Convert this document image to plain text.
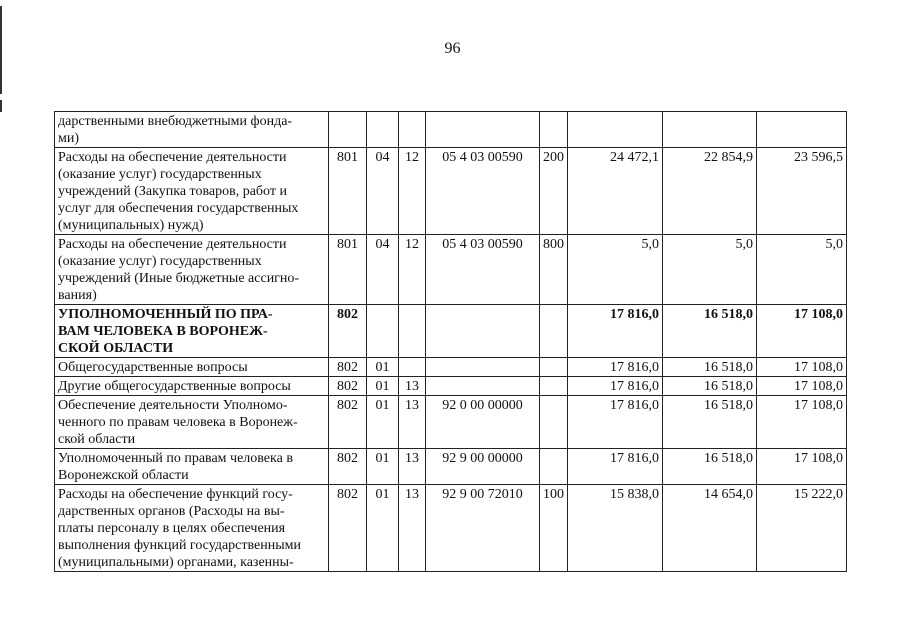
96
дарственными внебюджетными фонда-
ми)								
Расходы на обеспечение деятельности
(оказание услуг) государственных
учреждений (Закупка товаров, работ и
услуг для обеспечения государственных
(муниципальных) нужд)	801	04	12	05 4 03 00590	200	24 472,1	22 854,9	23 596,5
Расходы на обеспечение деятельности
(оказание услуг) государственных
учреждений (Иные бюджетные ассигно-
вания)	801	04	12	05 4 03 00590	800	5,0	5,0	5,0
УПОЛНОМОЧЕННЫЙ ПО ПРА-
ВАМ ЧЕЛОВЕКА В ВОРОНЕЖ-
СКОЙ ОБЛАСТИ	802					17 816,0	16 518,0	17 108,0
Общегосударственные вопросы	802	01				17 816,0	16 518,0	17 108,0
Другие общегосударственные вопросы	802	01	13			17 816,0	16 518,0	17 108,0
Обеспечение деятельности Уполномо-
ченного по правам человека в Воронеж-
ской области	802	01	13	92 0 00 00000		17 816,0	16 518,0	17 108,0
Уполномоченный по правам человека в
Воронежской области	802	01	13	92 9 00 00000		17 816,0	16 518,0	17 108,0
Расходы на обеспечение функций госу-
дарственных органов (Расходы на вы-
платы персоналу в целях обеспечения
выполнения функций государственными
(муниципальными) органами, казенны-	802	01	13	92 9 00 72010	100	15 838,0	14 654,0	15 222,0
